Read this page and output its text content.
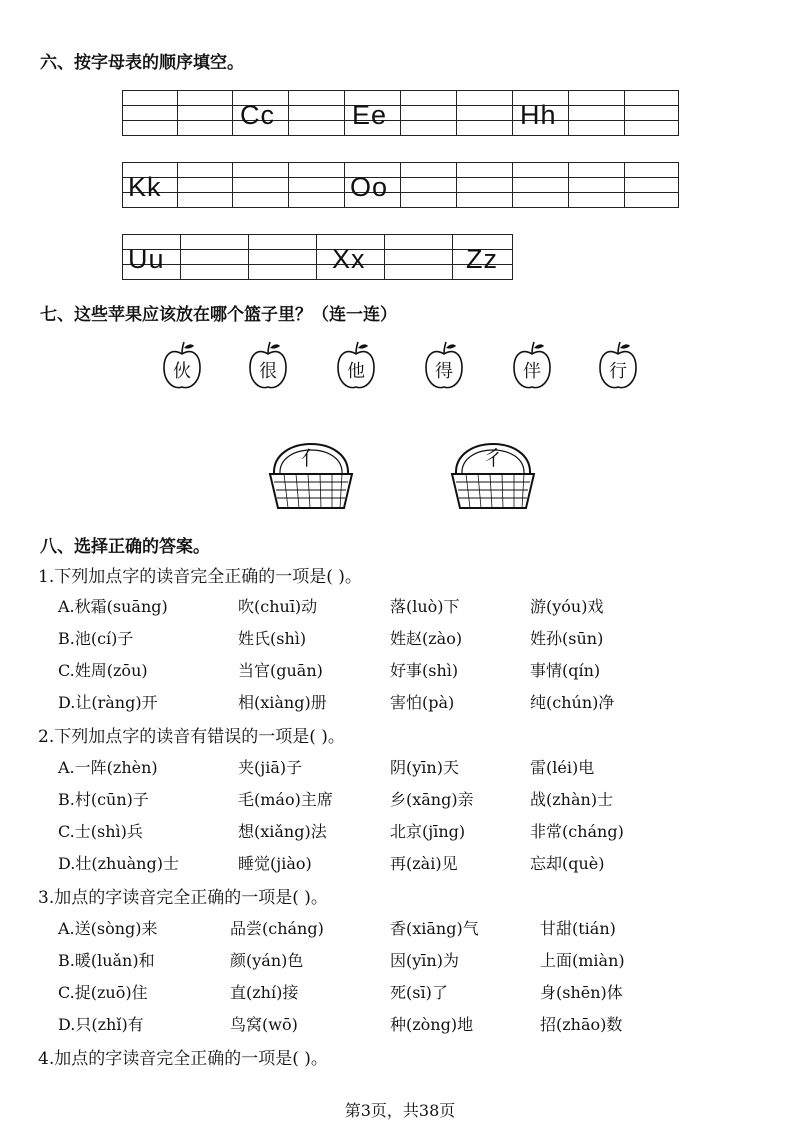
六、按字母表的顺序填空。
Cc	Ee	Hh
Kk	Oo
Uu	Xx	Zz
七、这些苹果应该放在哪个篮子里？（连一连）
伙	很	他	得	伴	行
亻	彳
八、选择正确的答案。
1.下列加点字的读音完全正确的一项是( )。
A.秋霜(suāng)	吹(chuī)动	落(luò)下	游(yóu)戏
B.池(cí)子	姓氏(shì)	姓赵(zào)	姓孙(sūn)
C.姓周(zōu)	当官(guān)	好事(shì)	事情(qín)
D.让(ràng)开	相(xiàng)册	害怕(pà)	纯(chún)净
2.下列加点字的读音有错误的一项是( )。
A.一阵(zhèn)	夹(jiā)子	阴(yīn)天	雷(léi)电
B.村(cūn)子	毛(máo)主席	乡(xāng)亲	战(zhàn)士
C.士(shì)兵	想(xiǎng)法	北京(jīng)	非常(cháng)
D.壮(zhuàng)士	睡觉(jiào)	再(zài)见	忘却(què)
3.加点的字读音完全正确的一项是( )。
A.送(sòng)来	品尝(cháng)	香(xiāng)气	甘甜(tián)
B.暖(luǎn)和	颜(yán)色	因(yīn)为	上面(miàn)
C.捉(zuō)住	直(zhí)接	死(sī)了	身(shēn)体
D.只(zhǐ)有	鸟窝(wō)	种(zòng)地	招(zhāo)数
4.加点的字读音完全正确的一项是( )。
第3页，共38页
